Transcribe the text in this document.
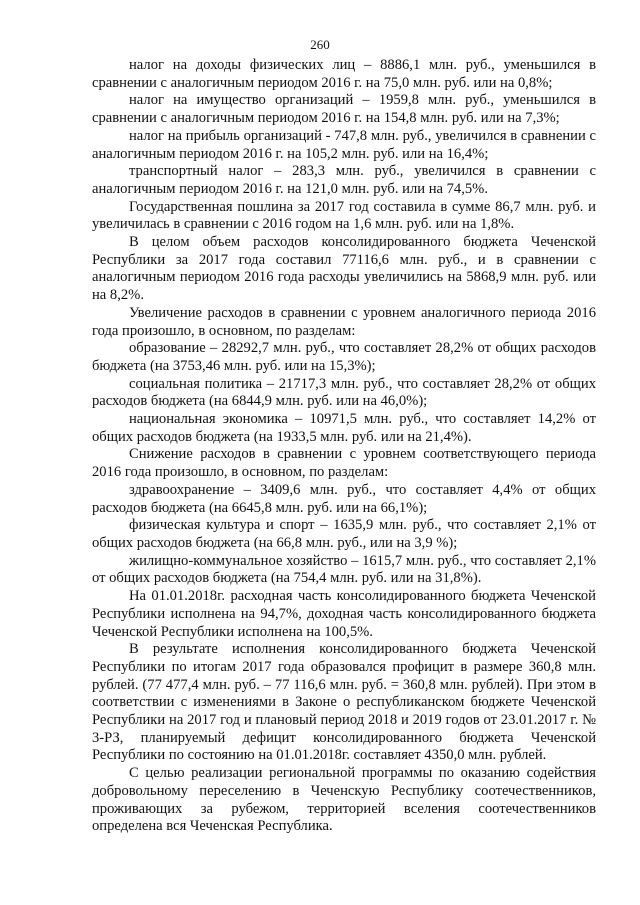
260

налог на доходы физических лиц – 8886,1 млн. руб., уменьшился в сравнении с аналогичным периодом 2016 г. на 75,0 млн. руб. или на 0,8%;

налог на имущество организаций – 1959,8 млн. руб., уменьшился в сравнении с аналогичным периодом 2016 г. на 154,8 млн. руб. или на 7,3%;

налог на прибыль организаций - 747,8 млн. руб., увеличился в сравнении с аналогичным периодом 2016 г. на 105,2 млн. руб. или на 16,4%;

транспортный налог – 283,3 млн. руб., увеличился в сравнении с аналогичным периодом 2016 г. на 121,0 млн. руб. или на 74,5%.

Государственная пошлина за 2017 год составила в сумме 86,7 млн. руб. и увеличилась в сравнении с 2016 годом на 1,6 млн. руб. или на 1,8%.

В целом объем расходов консолидированного бюджета Чеченской Республики за 2017 года составил 77116,6 млн. руб., и в сравнении с аналогичным периодом 2016 года расходы увеличились на 5868,9 млн. руб. или на 8,2%.

Увеличение расходов в сравнении с уровнем аналогичного периода 2016 года произошло, в основном, по разделам:

образование – 28292,7 млн. руб., что составляет 28,2% от общих расходов бюджета (на 3753,46 млн. руб. или на 15,3%);

социальная политика – 21717,3 млн. руб., что составляет 28,2% от общих расходов бюджета (на 6844,9 млн. руб. или на 46,0%);

национальная экономика – 10971,5 млн. руб., что составляет 14,2% от общих расходов бюджета (на 1933,5 млн. руб. или на 21,4%).

Снижение расходов в сравнении с уровнем соответствующего периода 2016 года произошло, в основном, по разделам:

здравоохранение – 3409,6 млн. руб., что составляет 4,4% от общих расходов бюджета (на 6645,8 млн. руб. или на 66,1%);

физическая культура и спорт – 1635,9 млн. руб., что составляет 2,1% от общих расходов бюджета (на 66,8 млн. руб., или на 3,9 %);

жилищно-коммунальное хозяйство – 1615,7 млн. руб., что составляет 2,1% от общих расходов бюджета (на 754,4 млн. руб. или на 31,8%).

На 01.01.2018г. расходная часть консолидированного бюджета Чеченской Республики исполнена на 94,7%, доходная часть консолидированного бюджета Чеченской Республики исполнена на 100,5%.

В результате исполнения консолидированного бюджета Чеченской Республики по итогам 2017 года образовался профицит в размере 360,8 млн. рублей. (77 477,4 млн. руб. – 77 116,6 млн. руб. = 360,8 млн. рублей). При этом в соответствии с изменениями в Законе о республиканском бюджете Чеченской Республики на 2017 год и плановый период 2018 и 2019 годов от 23.01.2017 г. № 3-РЗ, планируемый дефицит консолидированного бюджета Чеченской Республики по состоянию на 01.01.2018г. составляет 4350,0 млн. рублей.

С целью реализации региональной программы по оказанию содействия добровольному переселению в Чеченскую Республику соотечественников, проживающих за рубежом, территорией вселения соотечественников определена вся Чеченская Республика.
